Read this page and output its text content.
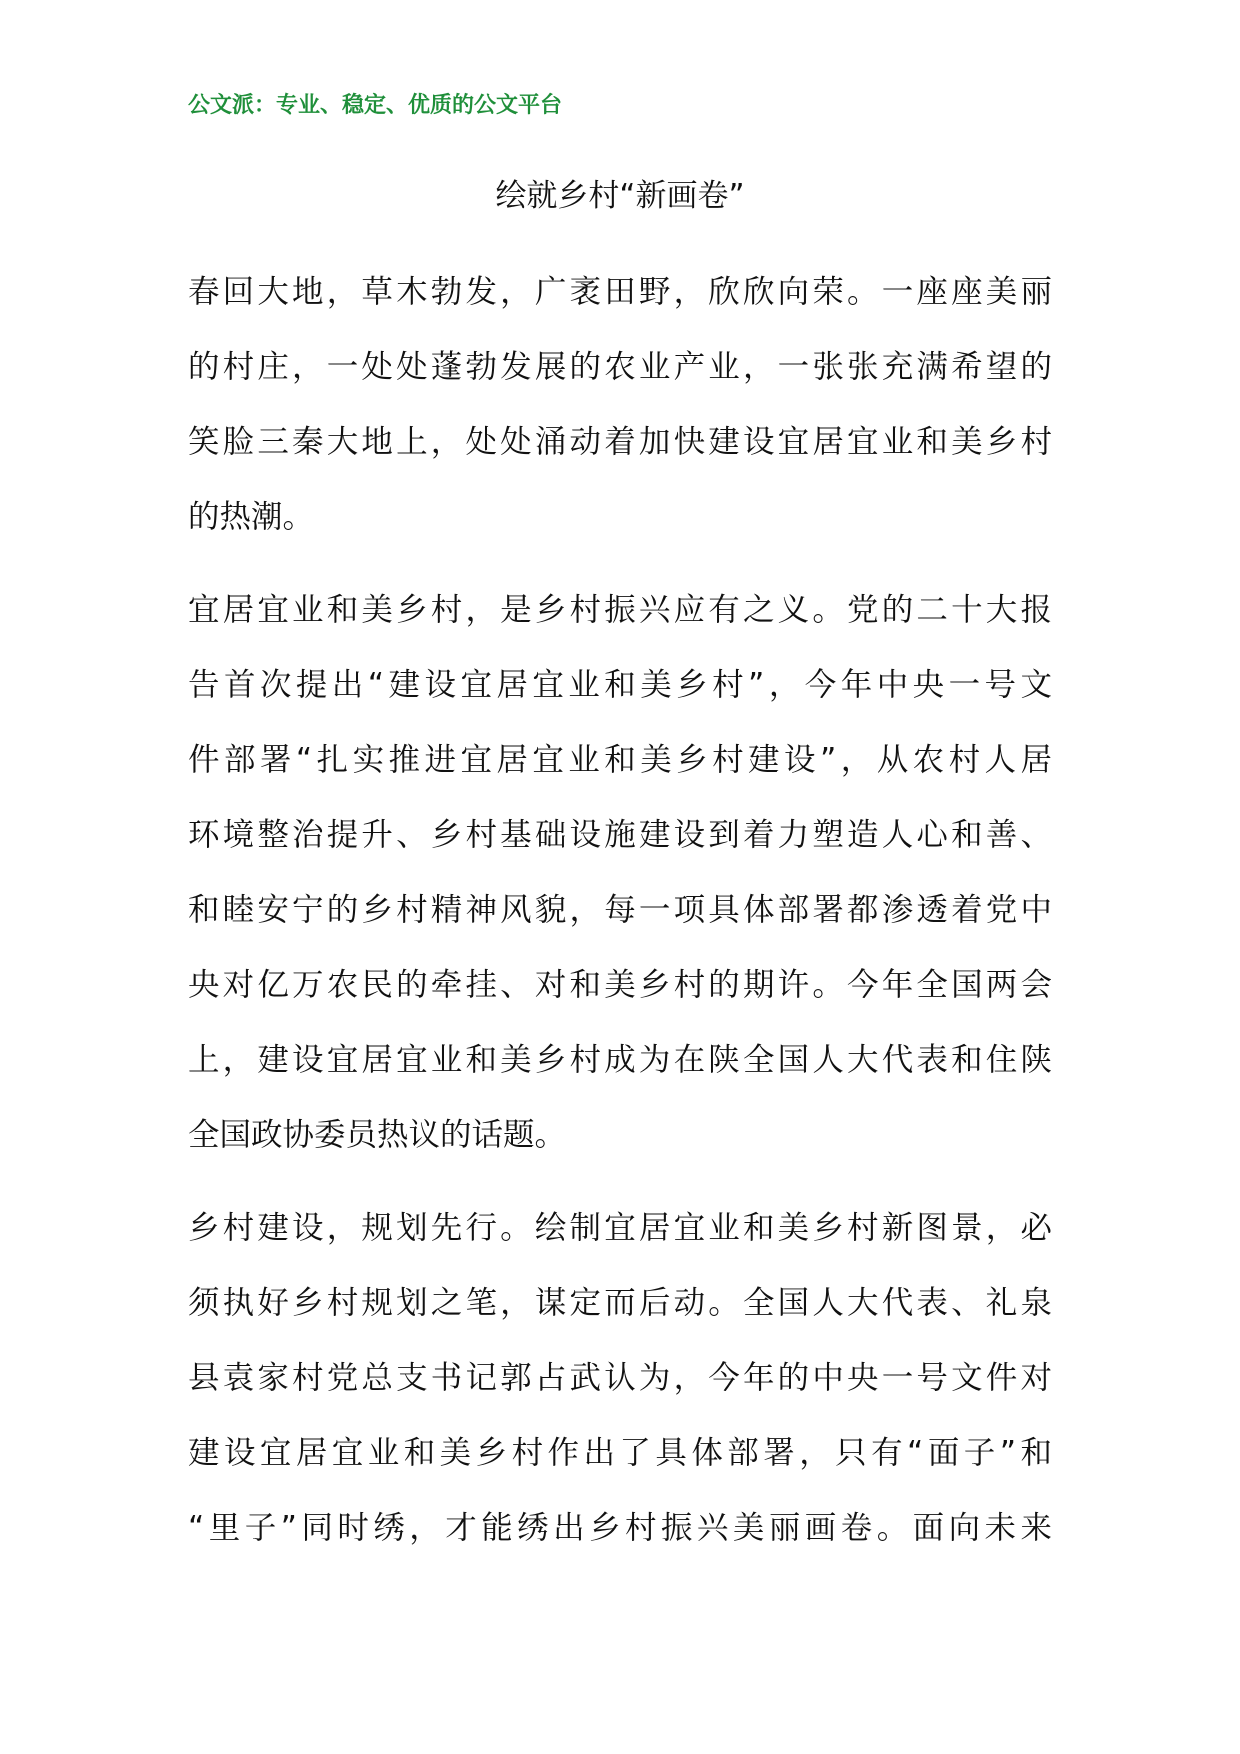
公文派：专业、稳定、优质的公文平台
绘就乡村“新画卷”
春回大地，草木勃发，广袤田野，欣欣向荣。一座座美丽
的村庄，一处处蓬勃发展的农业产业，一张张充满希望的
笑脸三秦大地上，处处涌动着加快建设宜居宜业和美乡村
的热潮。
宜居宜业和美乡村，是乡村振兴应有之义。党的二十大报
告首次提出“建设宜居宜业和美乡村”，今年中央一号文
件部署“扎实推进宜居宜业和美乡村建设”，从农村人居
环境整治提升、乡村基础设施建设到着力塑造人心和善、
和睦安宁的乡村精神风貌，每一项具体部署都渗透着党中
央对亿万农民的牵挂、对和美乡村的期许。今年全国两会
上，建设宜居宜业和美乡村成为在陕全国人大代表和住陕
全国政协委员热议的话题。
乡村建设，规划先行。绘制宜居宜业和美乡村新图景，必
须执好乡村规划之笔，谋定而后动。全国人大代表、礼泉
县袁家村党总支书记郭占武认为，今年的中央一号文件对
建设宜居宜业和美乡村作出了具体部署，只有“面子”和
“里子”同时绣，才能绣出乡村振兴美丽画卷。面向未来
